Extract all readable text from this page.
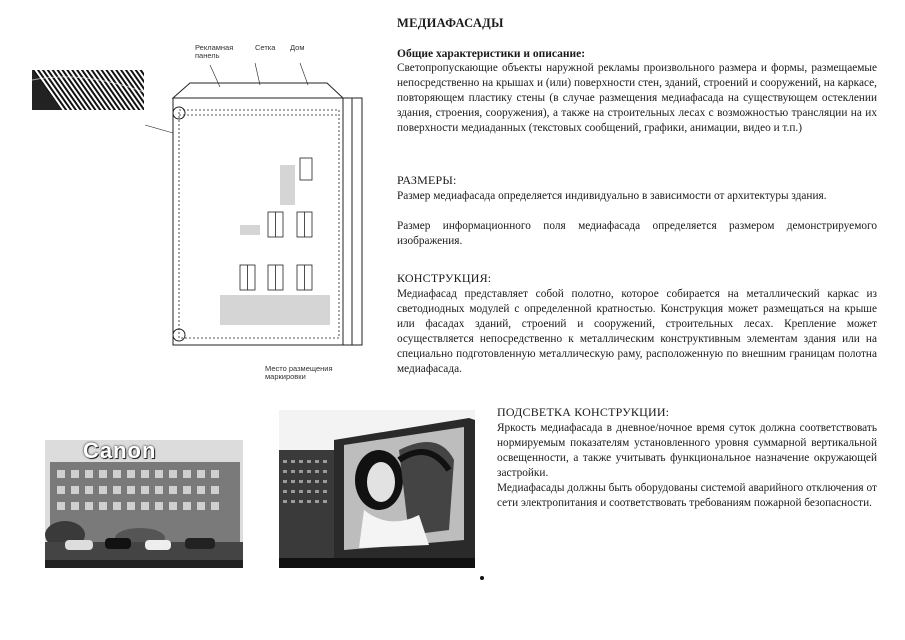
МЕДИАФАСАДЫ
Общие характеристики и описание:

Светопропускающие объекты наружной рекламы произвольного размера и формы, размещаемые непосредственно на крышах и (или) поверхности стен, зданий, строений и сооружений, на каркасе, повторяющем пластику стены (в случае размещения медиафасада на существующем остеклении здания, строения, сооружения), а также на строительных лесах с возможностью трансляции на их поверхности медиаданных (текстовых сообщений, графики, анимации, видео и т.п.)

РАЗМЕРЫ:

Размер медиафасада определяется индивидуально в зависимости от архитектуры здания.

Размер информационного поля медиафасада определяется размером демонстрируемого изображения.

КОНСТРУКЦИЯ:

Медиафасад представляет собой полотно, которое собирается на металлический каркас из светодиодных модулей с определенной кратностью. Конструкция может размещаться на крыше или фасадах зданий, строений и сооружений, строительных лесах. Крепление может осуществляется непосредственно к металлическим конструктивным элементам здания или на специально подготовленную металлическую раму, расположенную по внешним границам полотна медиафасада.

ПОДСВЕТКА КОНСТРУКЦИИ:

Яркость медиафасада в дневное/ночное время суток должна соответствовать нормируемым показателям установленного уровня суммарной вертикальной освещенности, а также учитывать функциональное назначение окружающей застройки.

Медиафасады должны быть оборудованы системой аварийного отключения от сети электропитания и соответствовать требованиям пожарной безопасности.

Рекламная панель
Сетка Дом
Место размещения маркировки
Canon
